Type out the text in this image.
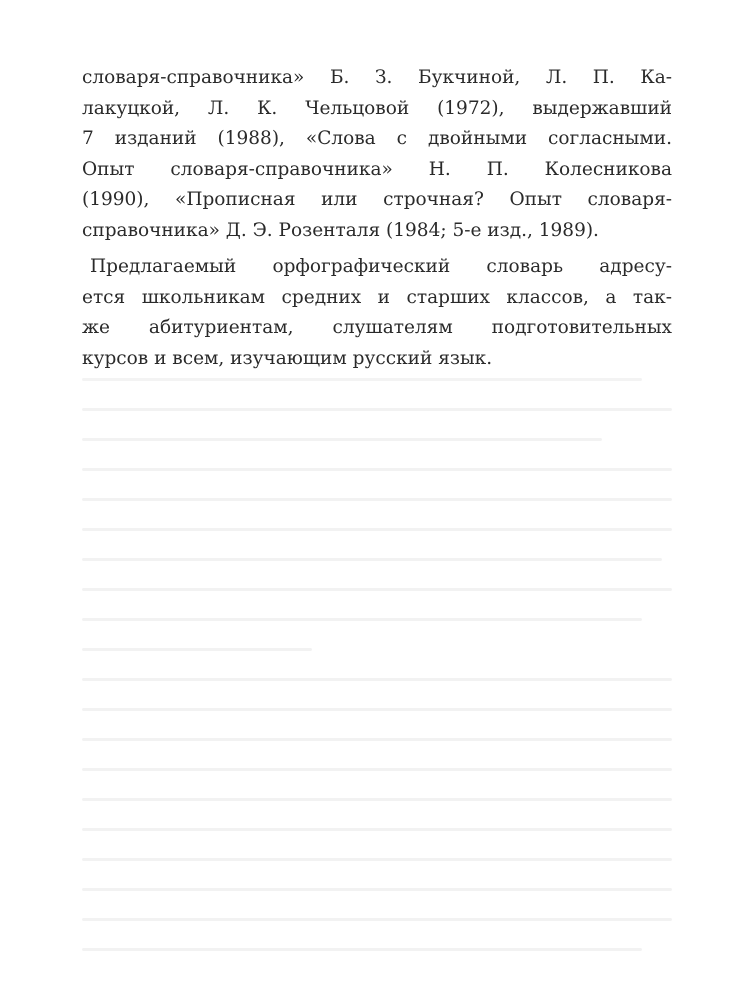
словаря-справочника» Б. З. Букчиной, Л. П. Ка-
лакуцкой, Л. К. Чельцовой (1972), выдержавший
7 изданий (1988), «Слова с двойными согласными.
Опыт словаря-справочника» Н. П. Колесникова
(1990), «Прописная или строчная? Опыт словаря-
справочника» Д. Э. Розенталя (1984; 5-е изд., 1989).
Предлагаемый орфографический словарь адресу-
ется школьникам средних и старших классов, а так-
же абитуриентам, слушателям подготовительных
курсов и всем, изучающим русский язык.
